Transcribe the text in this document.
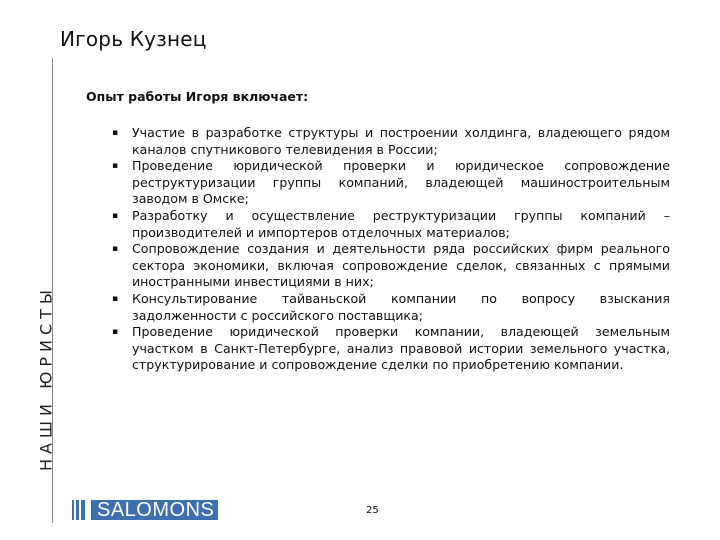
Игорь Кузнец
НАШИ ЮРИСТЫ
Опыт работы Игоря включает:
▪ Участие в разработке структуры и построении холдинга, владеющего рядом каналов спутникового телевидения в России;
▪ Проведение юридической проверки и юридическое сопровождение реструктуризации группы компаний, владеющей машиностроительным заводом в Омске;
▪ Разработку и осуществление реструктуризации группы компаний – производителей и импортеров отделочных материалов;
▪ Сопровождение создания и деятельности ряда российских фирм реального сектора экономики, включая сопровождение сделок, связанных с прямыми иностранными инвестициями в них;
▪ Консультирование тайваньской компании по вопросу взыскания задолженности с российского поставщика;
▪ Проведение юридической проверки компании, владеющей земельным участком в Санкт-Петербурге, анализ правовой истории земельного участка, структурирование и сопровождение сделки по приобретению компании.
SALOMONS	25
